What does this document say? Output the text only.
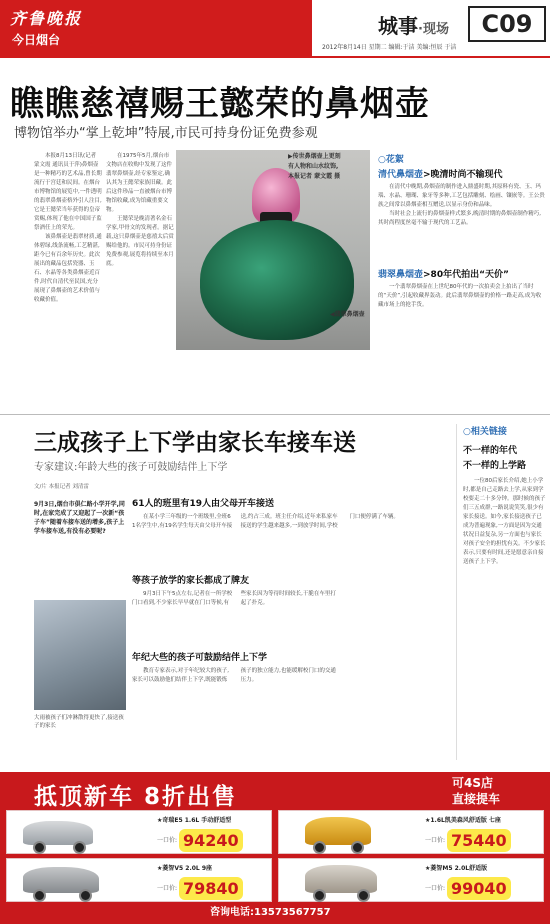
齐鲁晚报
今日烟台
城事·现场	C09
2012年8月14日 星期二 编辑:于洁 美编:恒辰 于洁
瞧瞧慈禧赐王懿荣的鼻烟壶
博物馆举办“掌上乾坤”特展,市民可持身份证免费参观

本报8月13日讯(记者 蒙文霞 通讯员于萍)鼻烟壶是一种精巧的艺术品,曾长期流行于宫廷和民间。在烟台市博物馆的展览中,一件透明的翡翠鼻烟壶格外引人注目,它是王懿荣当年获得的皇帝赏赐,体现了他在中国国子监祭酒任上的荣光。

该鼻烟壶是翡翠材质,通体碧绿,线条流畅,工艺精湛,距今已有百余年历史。此次展出的藏品包括瓷器、玉石、水晶等各类鼻烟壶近百件,时代自清代至民国,充分展现了鼻烟壶的艺术价值与收藏价值。

在1975年5月,烟台市文物店在收购中发现了这件翡翠鼻烟壶,经专家鉴定,确认其为王懿荣家族旧藏。此后这件珍品一直被烟台市博物馆收藏,成为馆藏重要文物。

王懿荣是晚清著名金石学家,甲骨文的发现者。据记载,这只鼻烟壶是慈禧太后赏赐给他的。市民可持身份证免费参观,展览将持续至本月底。

▶传世鼻烟壶上更刻有人物和山水纹饰,本报记者 蒙文霞 摄
◀翡翠鼻烟壶
○花絮
清代鼻烟壶>晚清时尚不输现代

在清代中晚期,鼻烟壶的制作进入鼎盛时期,其原料有瓷、玉、玛瑙、水晶、珊瑚、象牙等多种,工艺包括雕刻、绘画、镶嵌等。王公贵族之间常以鼻烟壶相互赠送,以显示身份和品味。

当时社会上流行的鼻烟壶样式繁多,晚清时期的鼻烟壶制作精巧,其时尚程度丝毫不输于现代的工艺品。

翡翠鼻烟壶>80年代拍出“天价”

一个翡翠鼻烟壶在上世纪80年代的一次拍卖会上拍出了当时的“天价”,引起收藏界轰动。此后翡翠鼻烟壶的价格一路走高,成为收藏市场上的抢手货。

三成孩子上下学由家长车接车送
专家建议:年龄大些的孩子可鼓励结伴上下学
文/片 本报记者 刘清雷
9月3日,烟台市俱仁路小学开学,同时,在家完成了又迎起了一次新“孩子车”随着车接车送的增多,孩子上学车接车送,有没有必要呢?
大雨被孩子们冲淋散得更快了,接送孩子的家长
61人的班里有19人由父母开车接送

在某小学三年级的一个班级里,全班61名学生中,有19名学生每天由父母开车接送,约占三成。班主任介绍,近年来私家车接送的学生越来越多,一到放学时间,学校门口便停满了车辆。

等孩子放学的家长都成了牌友

9月3日下午5点左右,记者在一所学校门口看到,不少家长早早就在门口等候,有些家长因为等待时间较长,干脆在车里打起了扑克。

年纪大些的孩子可鼓励结伴上下学

教育专家表示,对于年纪较大的孩子,家长可以鼓励他们结伴上下学,既能锻炼孩子的独立能力,也能缓解校门口的交通压力。

○相关链接
不一样的年代
不一样的上学路

一位80后家长介绍,她上小学时,都是自己走路去上学,从家到学校要走二十多分钟。那时候的孩子们三五成群,一路说说笑笑,很少有家长接送。如今,家长接送孩子已成为普遍现象,一方面是因为交通状况日益复杂,另一方面也与家长对孩子安全的担忧有关。不少家长表示,只要有时间,还是愿意亲自接送孩子上下学。

抵顶新车 8折出售
可4S店
直接提车
★奇瑞E5 1.6L 手动舒适型
一口价: 94240
★1.6L凯美森风舒适版 七座
一口价: 75440
★菱智V5 2.0L 9座
一口价: 79840
★菱智M5 2.0L舒适版
一口价: 99040
咨询电话:13573567757
